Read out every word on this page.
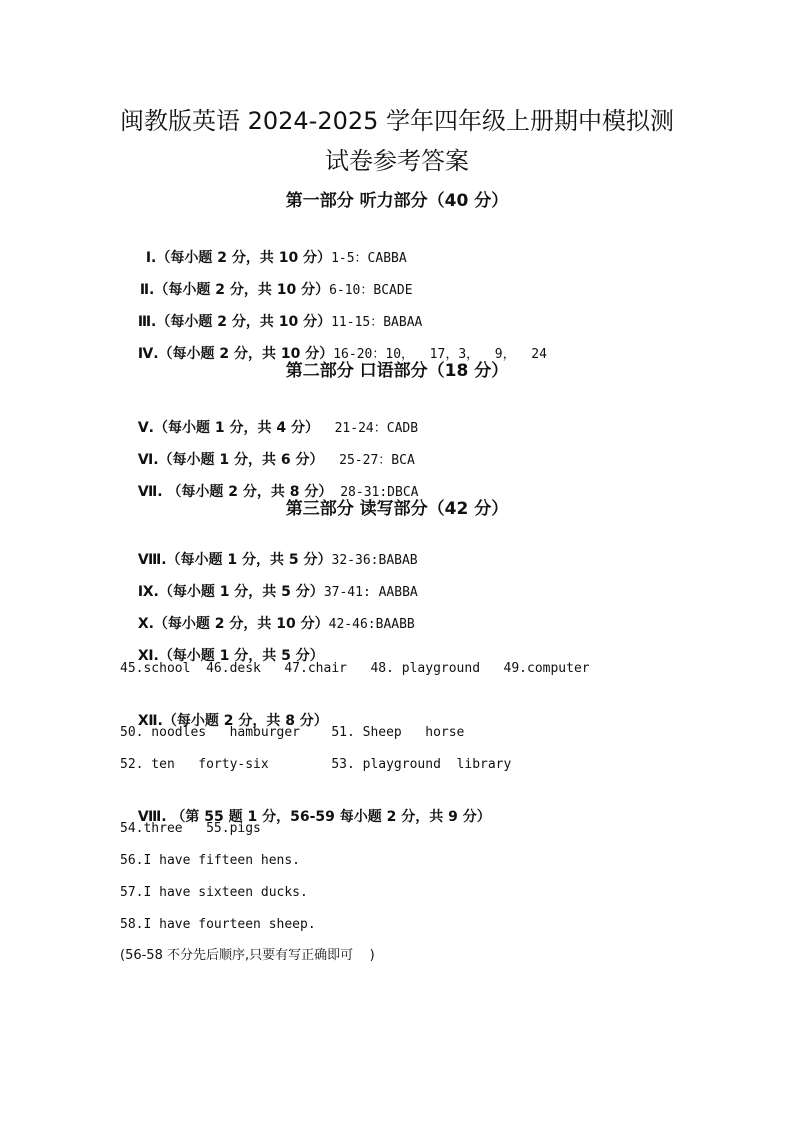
闽教版英语 2024-2025 学年四年级上册期中模拟测
试卷参考答案
第一部分 听力部分（40 分）

Ⅰ.（每小题 2 分，共 10 分）1-5：CABBA

Ⅱ.（每小题 2 分，共 10 分）6-10：BCADE

Ⅲ.（每小题 2 分，共 10 分）11-15：BABAA

Ⅳ.（每小题 2 分，共 10 分）16-20：10，  17，3，  9，  24

第二部分 口语部分（18 分）

Ⅴ.（每小题 1 分，共 4 分）  21-24：CADB

Ⅵ.（每小题 1 分，共 6 分）  25-27：BCA

Ⅶ. （每小题 2 分，共 8 分） 28-31:DBCA

第三部分 读写部分（42 分）

Ⅷ.（每小题 1 分，共 5 分）32-36:BABAB

Ⅸ.（每小题 1 分，共 5 分）37-41: AABBA

Ⅹ.（每小题 2 分，共 10 分）42-46:BAABB

Ⅺ.（每小题 1 分，共 5 分）

45.school  46.desk   47.chair   48. playground   49.computer

Ⅻ.（每小题 2 分，共 8 分）

50. noodles   hamburger    51. Sheep   horse
52. ten   forty-six        53. playground  library

Ⅷ. （第 55 题 1 分，56-59 每小题 2 分，共 9 分）

54.three   55.pigs
56.I have fifteen hens.
57.I have sixteen ducks.
58.I have fourteen sheep.
(56-58 不分先后顺序,只要有写正确即可    )
